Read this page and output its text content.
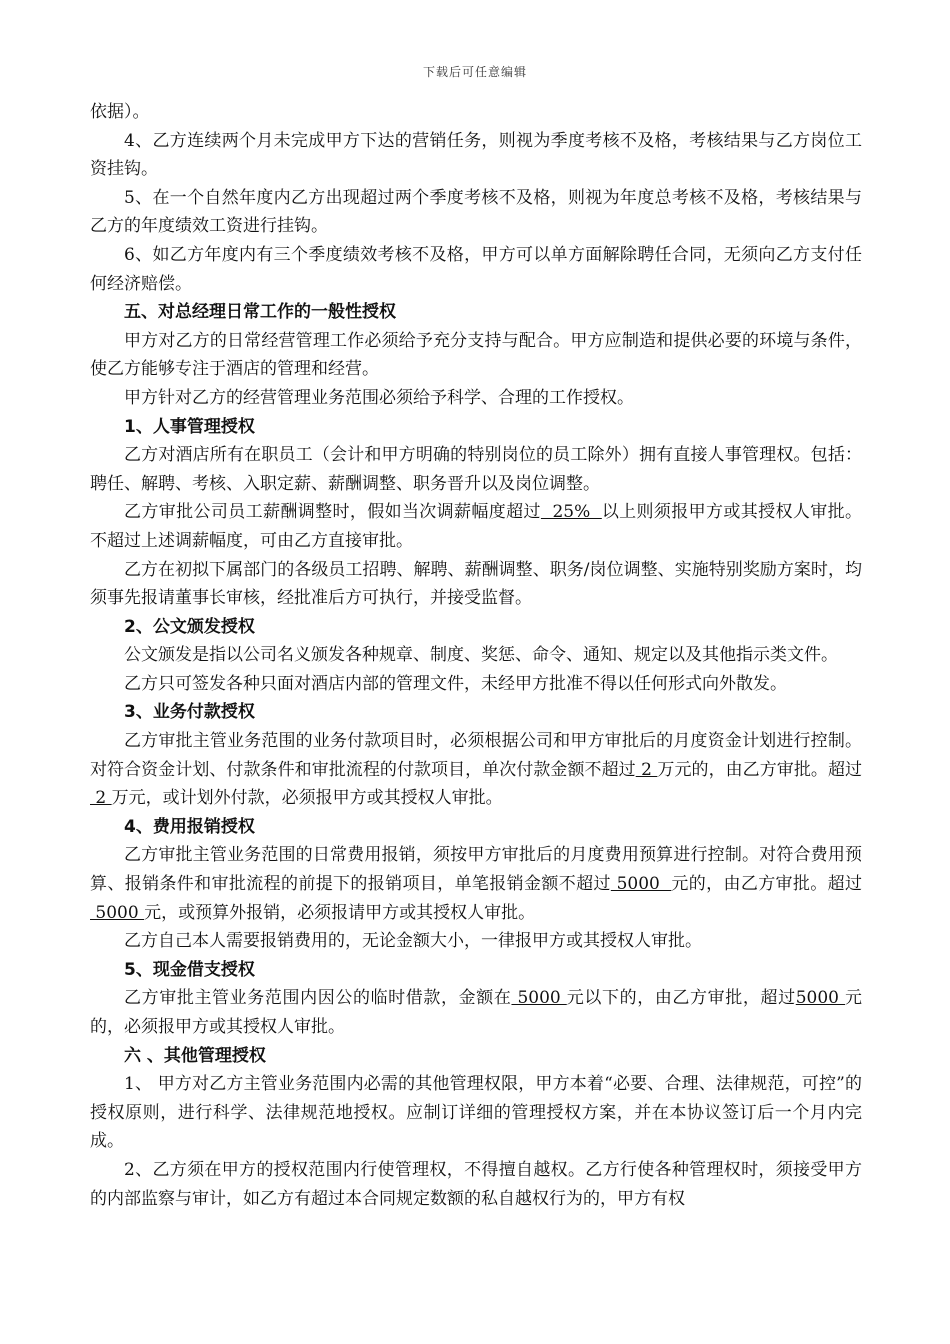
下载后可任意编辑

依据）。

4、乙方连续两个月未完成甲方下达的营销任务，则视为季度考核不及格，考核结果与乙方岗位工资挂钩。

5、在一个自然年度内乙方出现超过两个季度考核不及格，则视为年度总考核不及格，考核结果与乙方的年度绩效工资进行挂钩。

6、如乙方年度内有三个季度绩效考核不及格，甲方可以单方面解除聘任合同，无须向乙方支付任何经济赔偿。

五、对总经理日常工作的一般性授权

甲方对乙方的日常经营管理工作必须给予充分支持与配合。甲方应制造和提供必要的环境与条件，使乙方能够专注于酒店的管理和经营。

甲方针对乙方的经营管理业务范围必须给予科学、合理的工作授权。

1、人事管理授权

乙方对酒店所有在职员工（会计和甲方明确的特别岗位的员工除外）拥有直接人事管理权。包括：聘任、解聘、考核、入职定薪、薪酬调整、职务晋升以及岗位调整。

乙方审批公司员工薪酬调整时，假如当次调薪幅度超过  25%  以上则须报甲方或其授权人审批。不超过上述调薪幅度，可由乙方直接审批。

乙方在初拟下属部门的各级员工招聘、解聘、薪酬调整、职务/岗位调整、实施特别奖励方案时，均须事先报请董事长审核，经批准后方可执行，并接受监督。

2、公文颁发授权

公文颁发是指以公司名义颁发各种规章、制度、奖惩、命令、通知、规定以及其他指示类文件。

乙方只可签发各种只面对酒店内部的管理文件，未经甲方批准不得以任何形式向外散发。

3、业务付款授权

乙方审批主管业务范围的业务付款项目时，必须根据公司和甲方审批后的月度资金计划进行控制。对符合资金计划、付款条件和审批流程的付款项目，单次付款金额不超过 2 万元的，由乙方审批。超过 2 万元，或计划外付款，必须报甲方或其授权人审批。

4、费用报销授权

乙方审批主管业务范围的日常费用报销，须按甲方审批后的月度费用预算进行控制。对符合费用预算、报销条件和审批流程的前提下的报销项目，单笔报销金额不超过 5000  元的，由乙方审批。超过 5000 元，或预算外报销，必须报请甲方或其授权人审批。

乙方自己本人需要报销费用的，无论金额大小，一律报甲方或其授权人审批。

5、现金借支授权

乙方审批主管业务范围内因公的临时借款，金额在 5000 元以下的，由乙方审批，超过5000 元的，必须报甲方或其授权人审批。

六 、其他管理授权

1、 甲方对乙方主管业务范围内必需的其他管理权限，甲方本着“必要、合理、法律规范，可控”的授权原则，进行科学、法律规范地授权。应制订详细的管理授权方案，并在本协议签订后一个月内完成。

2、乙方须在甲方的授权范围内行使管理权，不得擅自越权。乙方行使各种管理权时，须接受甲方的内部监察与审计，如乙方有超过本合同规定数额的私自越权行为的，甲方有权
